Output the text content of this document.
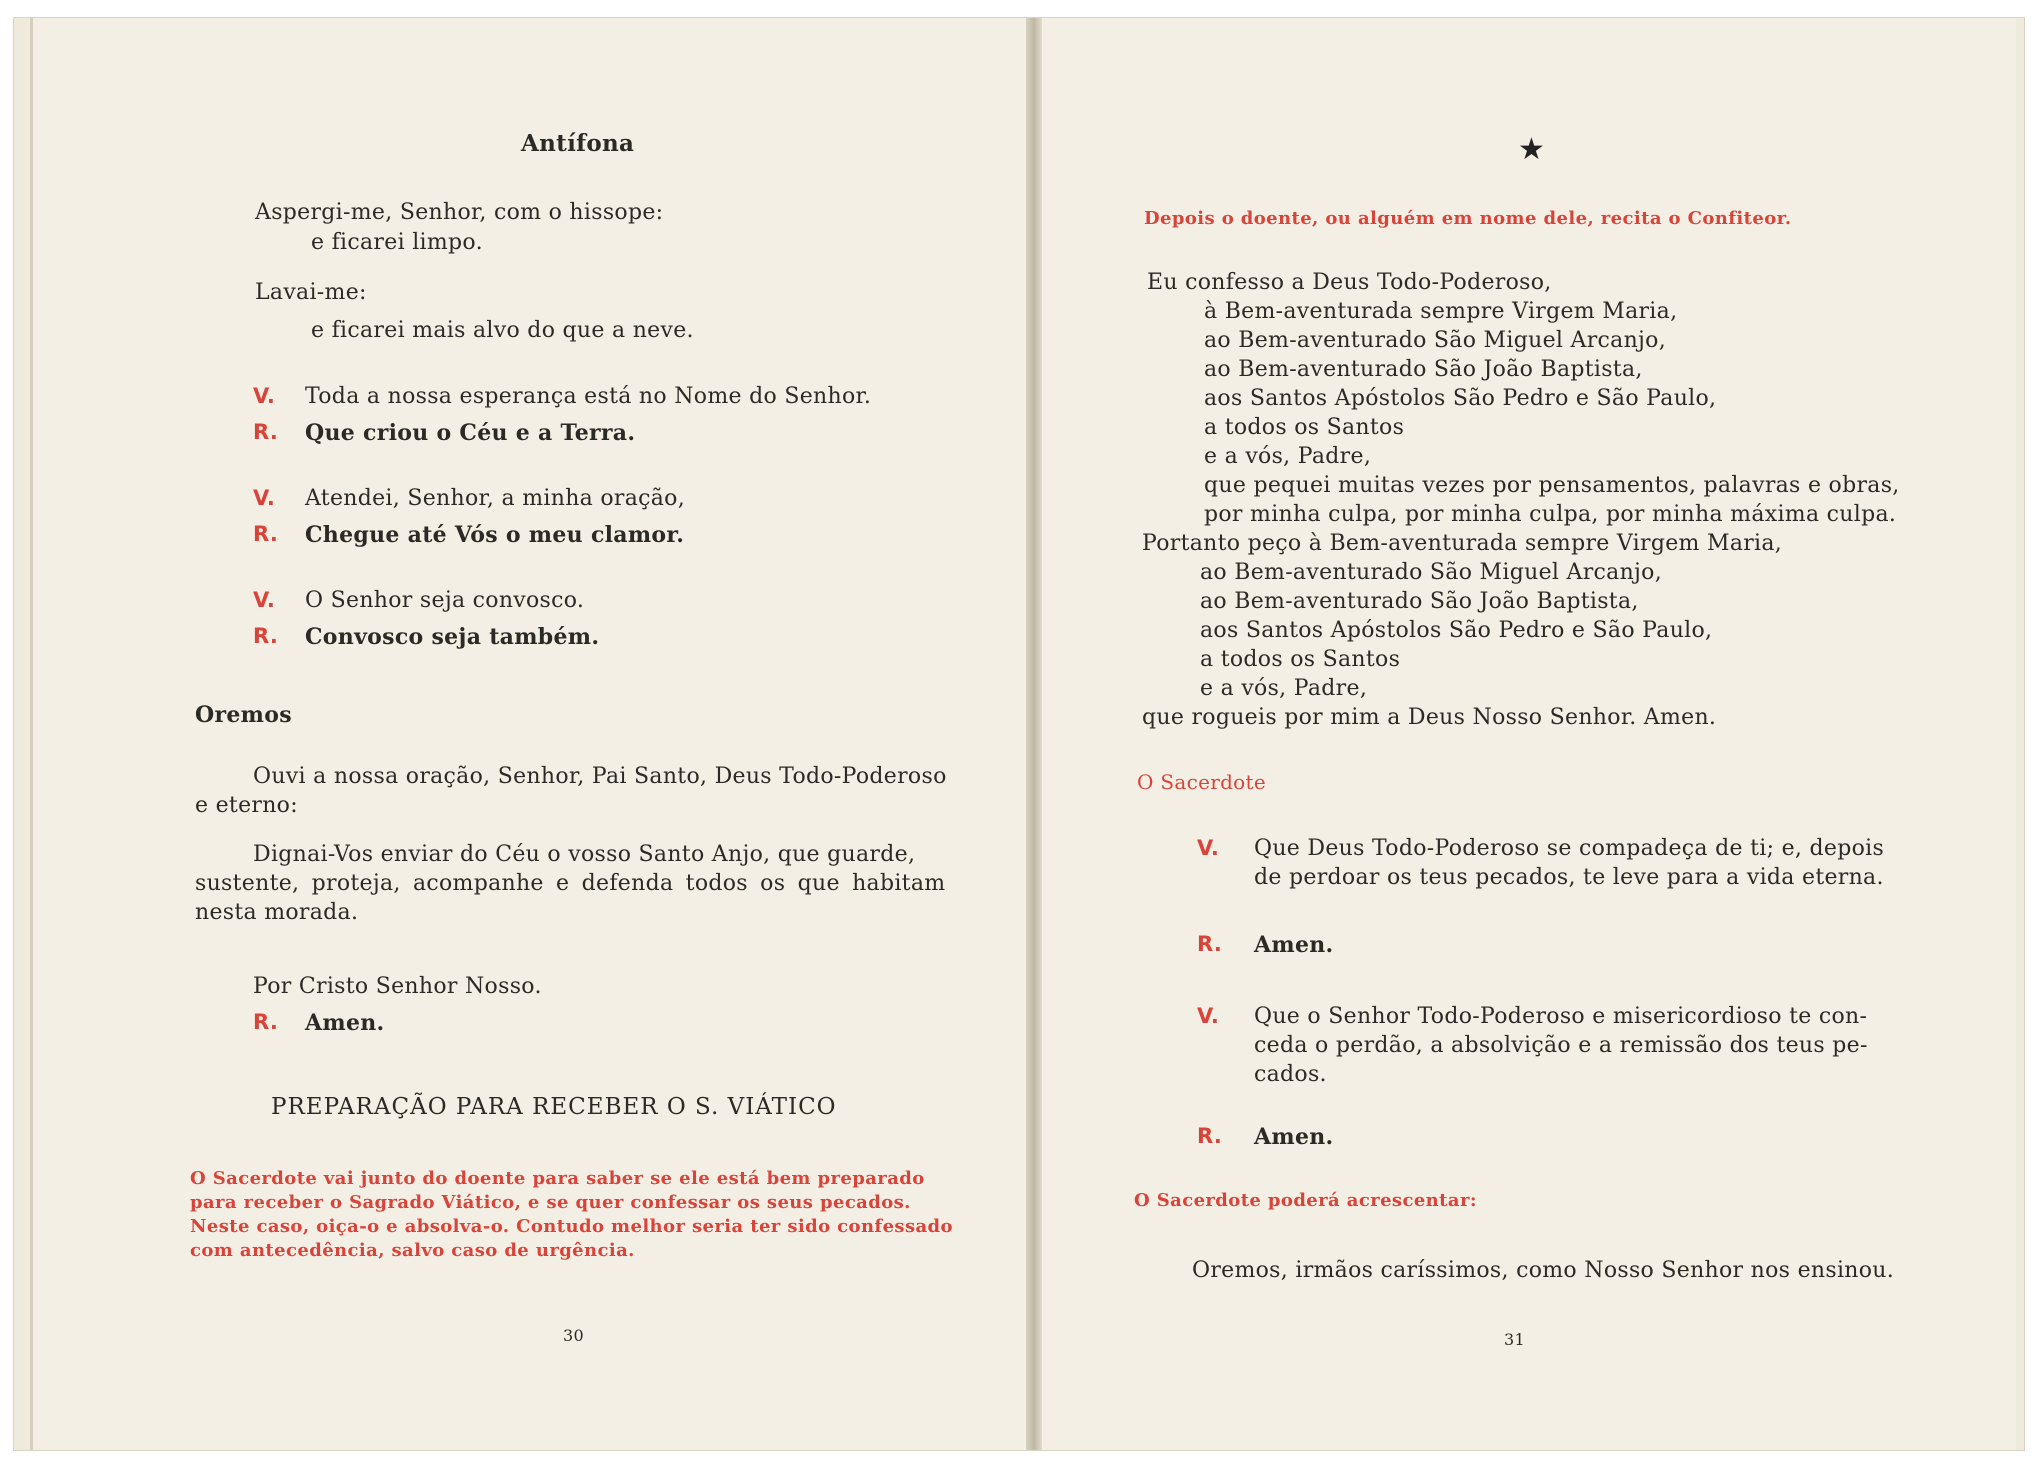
Antífona
Aspergi-me, Senhor, com o hissope:
e ficarei limpo.
Lavai-me:
e ficarei mais alvo do que a neve.
V. Toda a nossa esperança está no Nome do Senhor.
R. Que criou o Céu e a Terra.
V. Atendei, Senhor, a minha oração,
R. Chegue até Vós o meu clamor.
V. O Senhor seja convosco.
R. Convosco seja também.
Oremos
Ouvi a nossa oração, Senhor, Pai Santo, Deus Todo-Poderoso
e eterno:
Dignai-Vos enviar do Céu o vosso Santo Anjo, que guarde,
sustente, proteja, acompanhe e defenda todos os que habitam
nesta morada.
Por Cristo Senhor Nosso.
R. Amen.
PREPARAÇÃO PARA RECEBER O S. VIÁTICO
O Sacerdote vai junto do doente para saber se ele está bem preparado
para receber o Sagrado Viático, e se quer confessar os seus pecados.
Neste caso, oiça-o e absolva-o. Contudo melhor seria ter sido confessado
com antecedência, salvo caso de urgência.
30
★
Depois o doente, ou alguém em nome dele, recita o Confiteor.
Eu confesso a Deus Todo-Poderoso,
à Bem-aventurada sempre Virgem Maria,
ao Bem-aventurado São Miguel Arcanjo,
ao Bem-aventurado São João Baptista,
aos Santos Apóstolos São Pedro e São Paulo,
a todos os Santos
e a vós, Padre,
que pequei muitas vezes por pensamentos, palavras e obras,
por minha culpa, por minha culpa, por minha máxima culpa.
Portanto peço à Bem-aventurada sempre Virgem Maria,
ao Bem-aventurado São Miguel Arcanjo,
ao Bem-aventurado São João Baptista,
aos Santos Apóstolos São Pedro e São Paulo,
a todos os Santos
e a vós, Padre,
que rogueis por mim a Deus Nosso Senhor. Amen.
O Sacerdote
V. Que Deus Todo-Poderoso se compadeça de ti; e, depois
de perdoar os teus pecados, te leve para a vida eterna.
R. Amen.
V. Que o Senhor Todo-Poderoso e misericordioso te con-
ceda o perdão, a absolvição e a remissão dos teus pe-
cados.
R. Amen.
O Sacerdote poderá acrescentar:
Oremos, irmãos caríssimos, como Nosso Senhor nos ensinou.
31
